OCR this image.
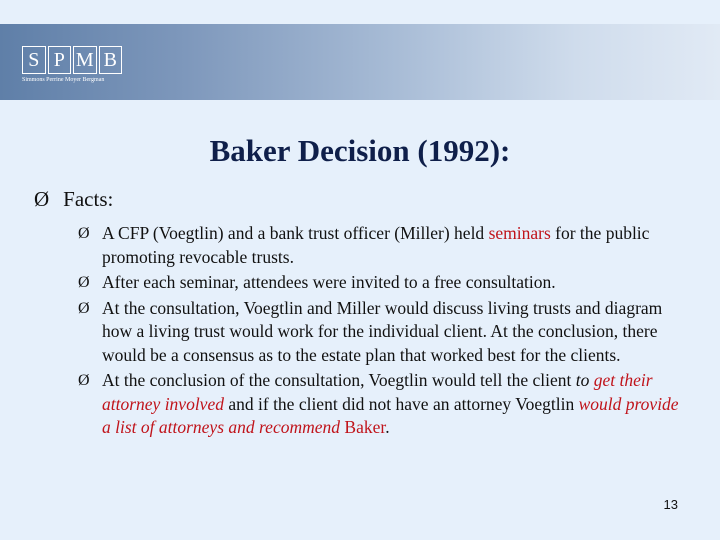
S P M B
Simmons Perrine Moyer Bergman
Baker Decision (1992):
Ø Facts:
Ø A CFP (Voegtlin) and a bank trust officer (Miller) held seminars for the public promoting revocable trusts.
Ø After each seminar, attendees were invited to a free consultation.
Ø At the consultation, Voegtlin and Miller would discuss living trusts and diagram how a living trust would work for the individual client. At the conclusion, there would be a consensus as to the estate plan that worked best for the clients.
Ø At the conclusion of the consultation, Voegtlin would tell the client to get their attorney involved and if the client did not have an attorney Voegtlin would provide a list of attorneys and recommend Baker.
13
